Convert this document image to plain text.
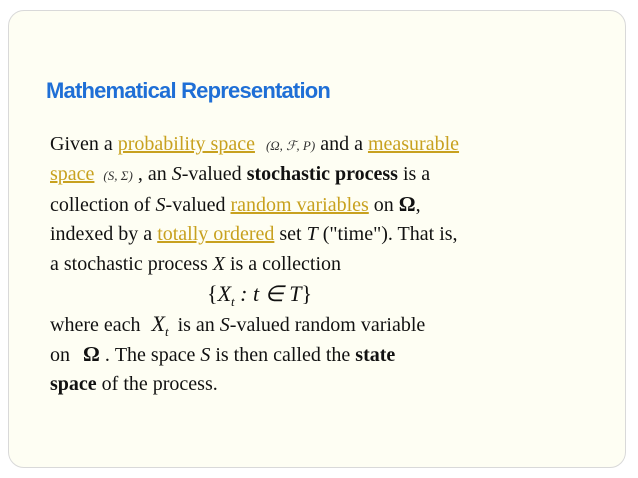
Mathematical Representation
Given a probability space (Ω, ℱ, P) and a measurable
space (S, Σ) , an S-valued stochastic process is a
collection of S-valued random variables on Ω,
indexed by a totally ordered set T ("time"). That is,
a stochastic process X is a collection
{$X_t$ : t ∈ T}
where each $X_t$ is an S-valued random variable
on Ω . The space S is then called the state
space of the process.
